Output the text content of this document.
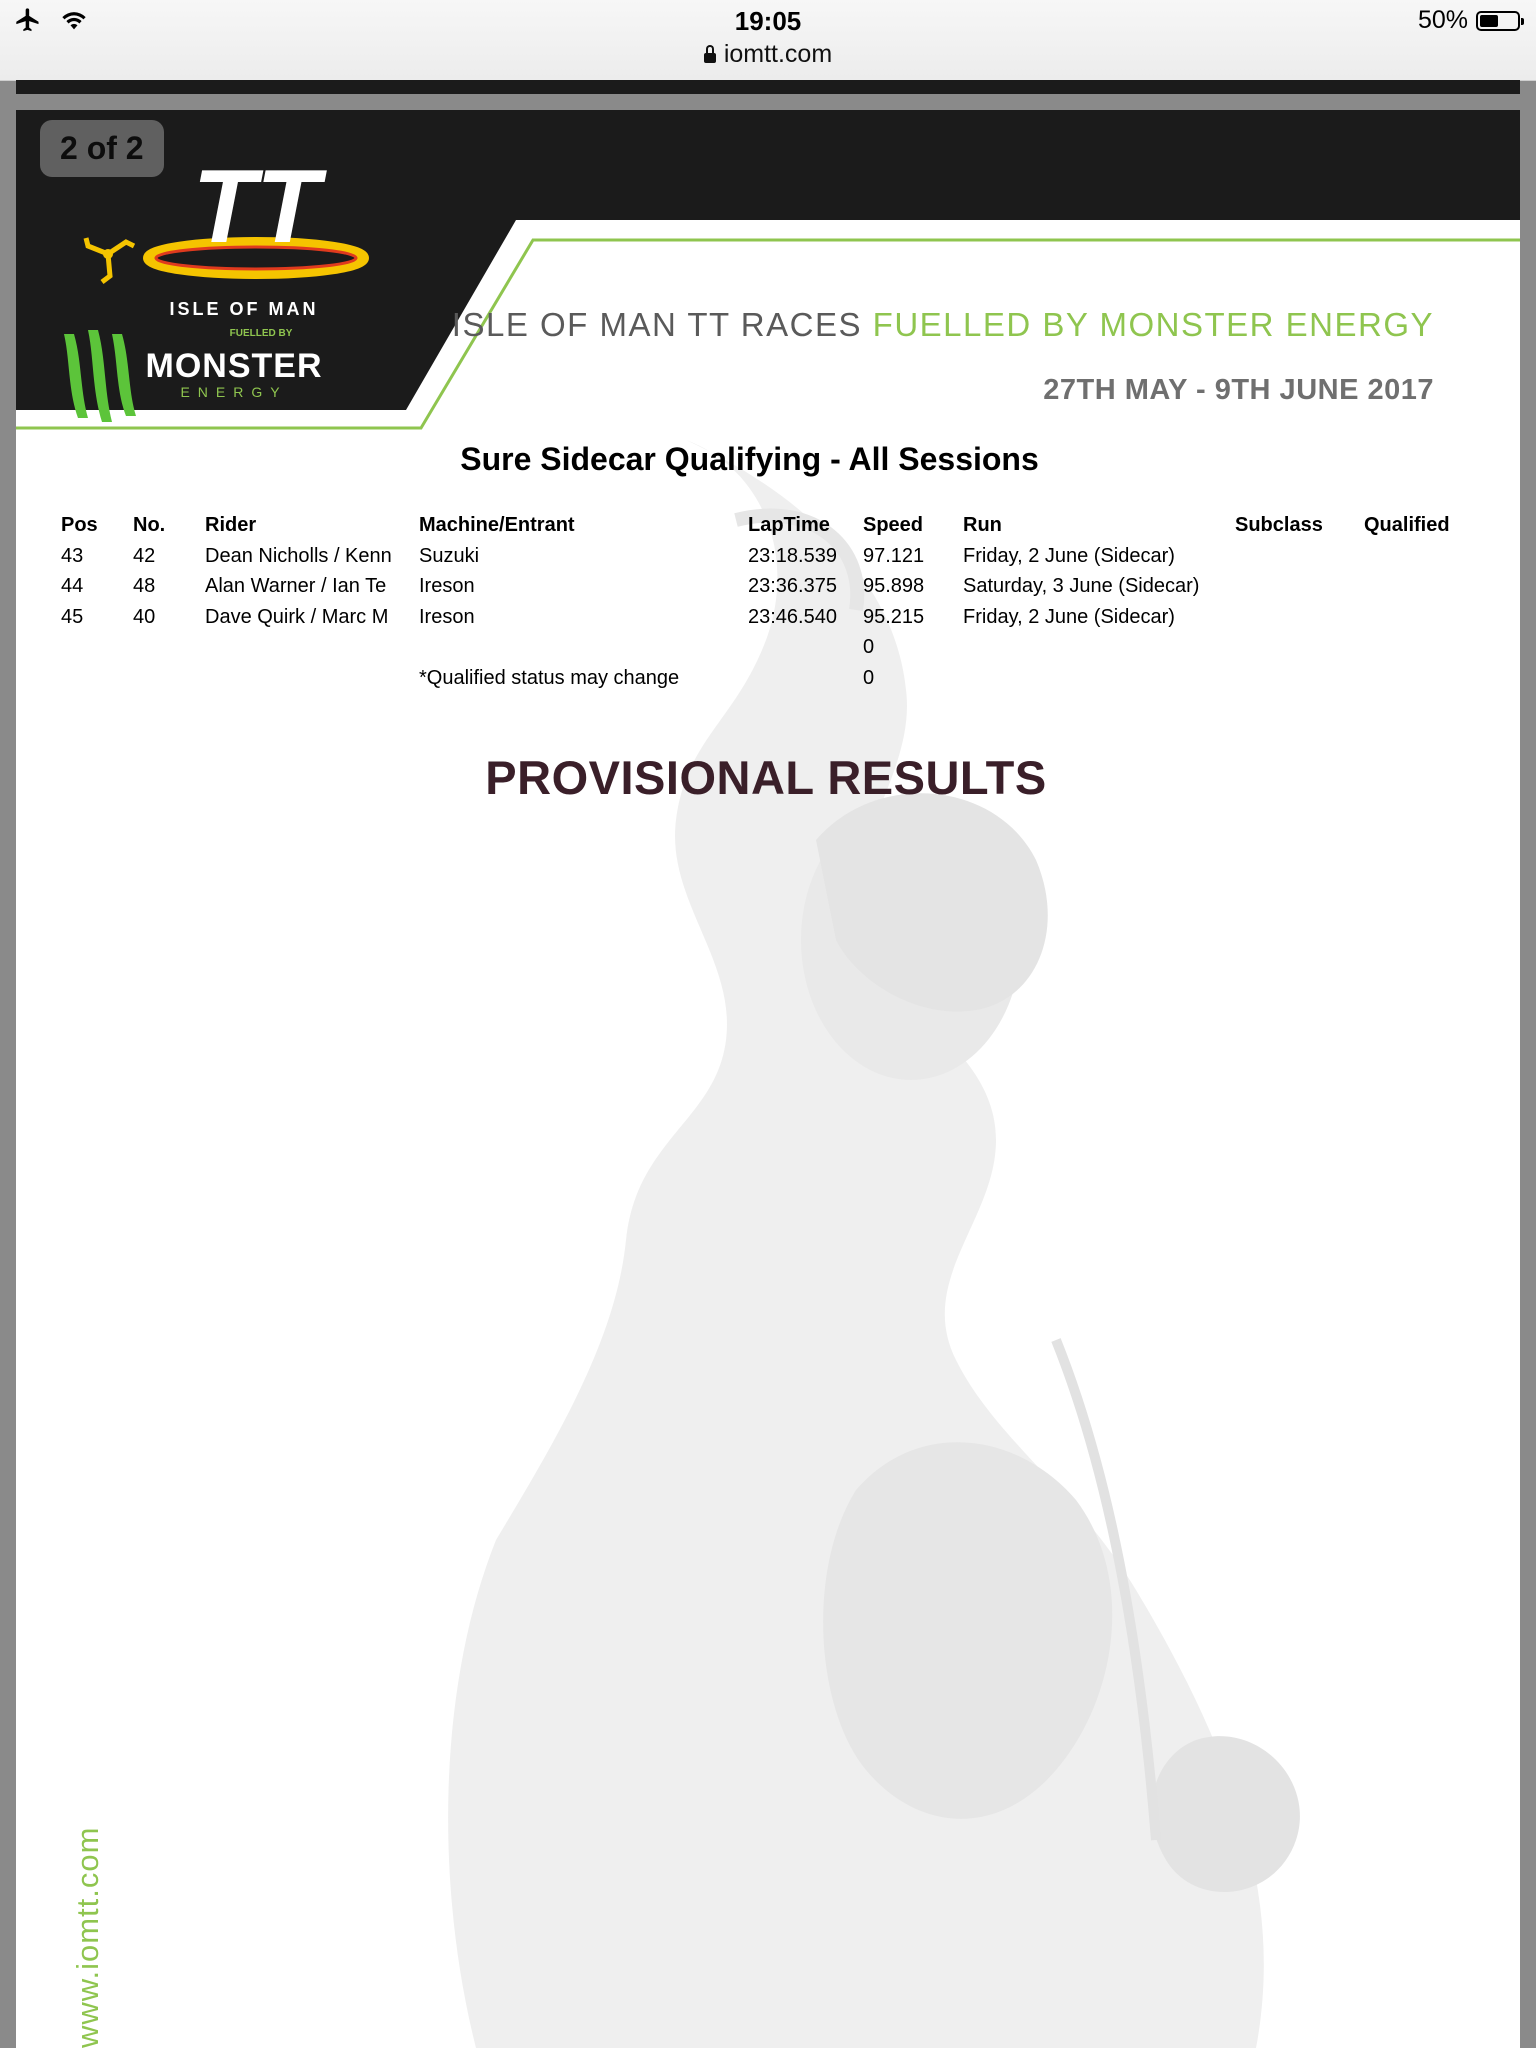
19:05	50%
iomtt.com
TT
ISLE OF MAN
FUELLED BY
MONSTER
ENERGY
2 of 2
ISLE OF MAN TT RACES FUELLED BY MONSTER ENERGY
27TH MAY - 9TH JUNE 2017
Sure Sidecar Qualifying - All Sessions
Pos	No.	Rider	Machine/Entrant	LapTime	Speed	Run	Subclass	Qualified
43	42	Dean Nicholls / Kenn	Suzuki	23:18.539	97.121	Friday, 2 June (Sidecar)		
44	48	Alan Warner / Ian Te	Ireson	23:36.375	95.898	Saturday, 3 June (Sidecar)		
45	40	Dave Quirk / Marc M	Ireson	23:46.540	95.215	Friday, 2 June (Sidecar)		
					0			
			*Qualified status may change		0			
PROVISIONAL RESULTS
www.iomtt.com
